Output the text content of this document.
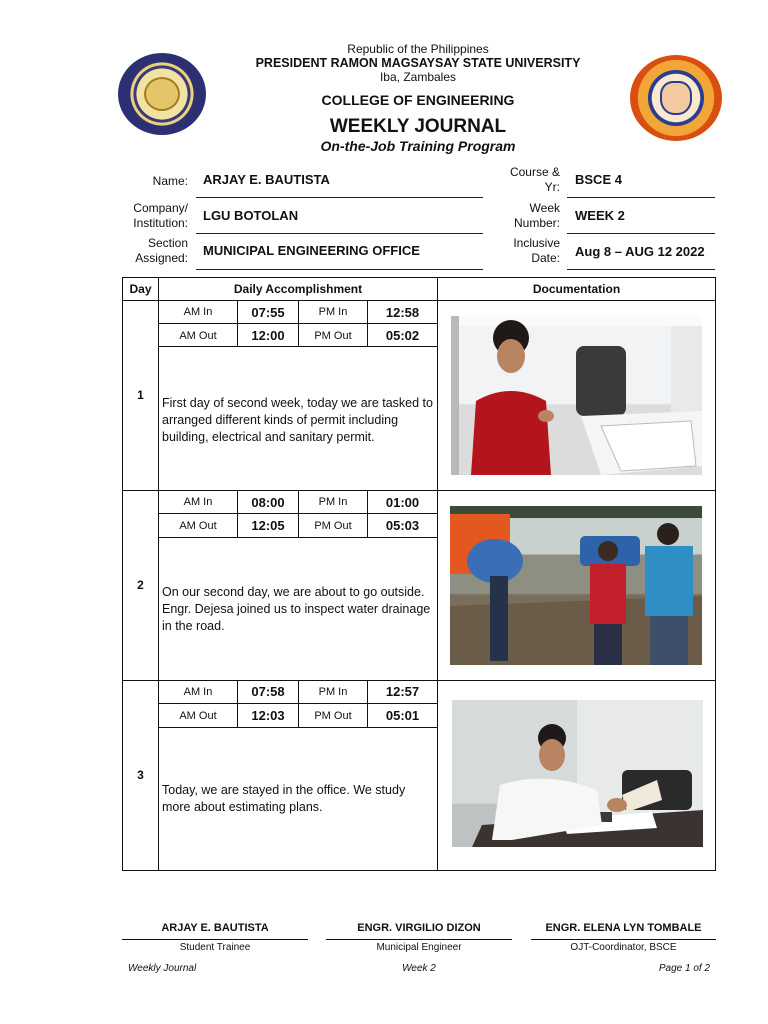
Republic of the Philippines
PRESIDENT RAMON MAGSAYSAY STATE UNIVERSITY
Iba, Zambales
COLLEGE OF ENGINEERING
WEEKLY JOURNAL
On-the-Job Training Program
Name: ARJAY E. BAUTISTA
Company/
Institution: LGU BOTOLAN
Section
Assigned: MUNICIPAL ENGINEERING OFFICE
Course &
Yr: BSCE 4
Week
Number: WEEK 2
Inclusive
Date: Aug 8 – AUG 12 2022
Day	Daily Accomplishment	Documentation
1
AM In	07:55	PM In	12:58
AM Out	12:00	PM Out	05:02
First day of second week, today we are tasked to arranged different kinds of permit including building, electrical and sanitary permit.
2
AM In	08:00	PM In	01:00
AM Out	12:05	PM Out	05:03
On our second day, we are about to go outside. Engr. Dejesa joined us to inspect water drainage in the road.
3
AM In	07:58	PM In	12:57
AM Out	12:03	PM Out	05:01
Today, we are stayed in the office. We study more about estimating plans.
ARJAY E. BAUTISTA
Student Trainee
ENGR. VIRGILIO DIZON
Municipal Engineer
ENGR. ELENA LYN TOMBALE
OJT-Coordinator, BSCE
Weekly Journal	Week 2	Page 1 of 2
